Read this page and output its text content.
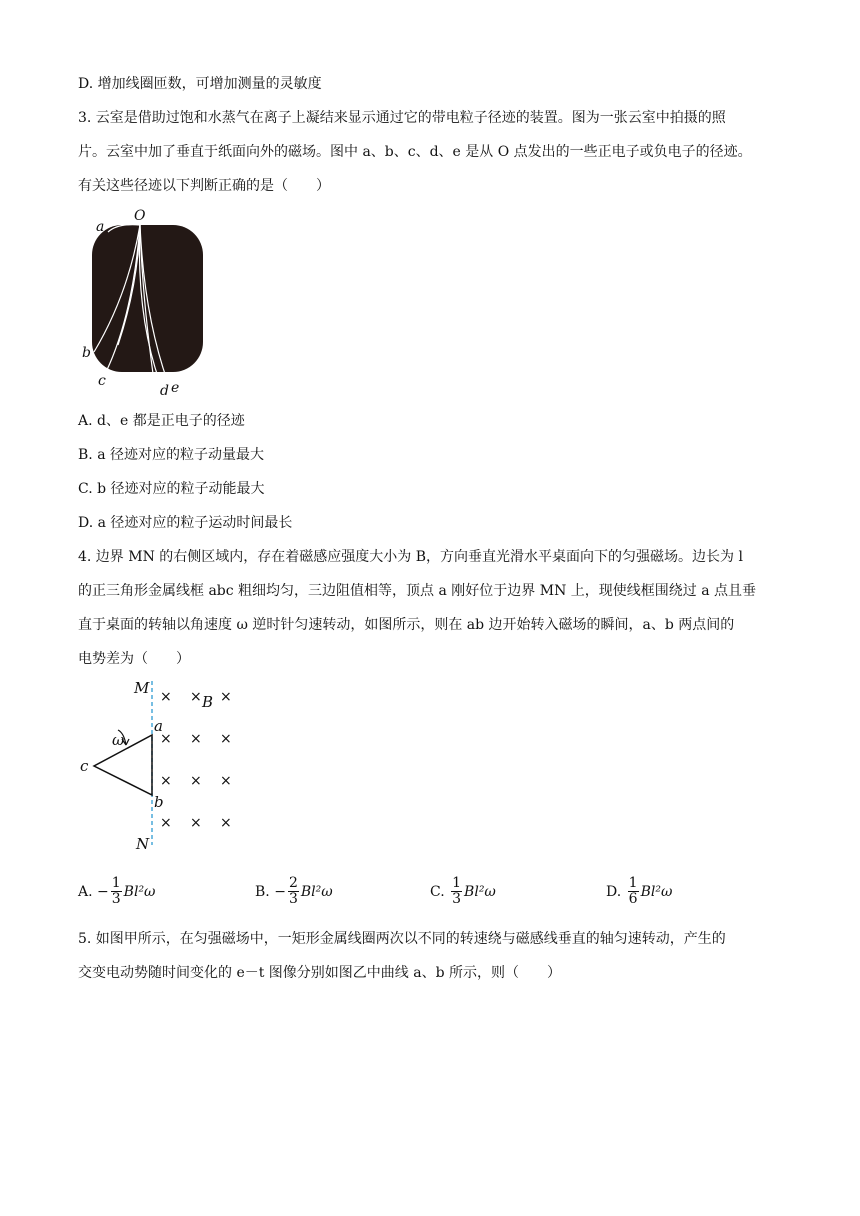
D. 增加线圈匝数，可增加测量的灵敏度
3. 云室是借助过饱和水蒸气在离子上凝结来显示通过它的带电粒子径迹的装置。图为一张云室中拍摄的照
片。云室中加了垂直于纸面向外的磁场。图中 a、b、c、d、e 是从 O 点发出的一些正电子或负电子的径迹。
有关这些径迹以下判断正确的是（　　）
O
a
b
c
d e
A. d、e 都是正电子的径迹
B. a 径迹对应的粒子动量最大
C. b 径迹对应的粒子动能最大
D. a 径迹对应的粒子运动时间最长
4. 边界 MN 的右侧区域内，存在着磁感应强度大小为 B，方向垂直光滑水平桌面向下的匀强磁场。边长为 l
的正三角形金属线框 abc 粗细均匀，三边阻值相等，顶点 a 刚好位于边界 MN 上，现使线框围绕过 a 点且垂
直于桌面的转轴以角速度 ω 逆时针匀速转动，如图所示，则在 ab 边开始转入磁场的瞬间，a、b 两点间的
电势差为（　　）
× × ×
× × ×
× × ×
× × ×
M
B
a
ω
c
b
N
A.
− $\frac{1}{3} Bl^2\omega$	B.
− $\frac{2}{3} Bl^2\omega$	C.
$\frac{1}{3} Bl^2\omega$	D.
$\frac{1}{6} Bl^2\omega$
5. 如图甲所示，在匀强磁场中，一矩形金属线圈两次以不同的转速绕与磁感线垂直的轴匀速转动，产生的
交变电动势随时间变化的 e－t 图像分别如图乙中曲线 a、b 所示，则（　　）
